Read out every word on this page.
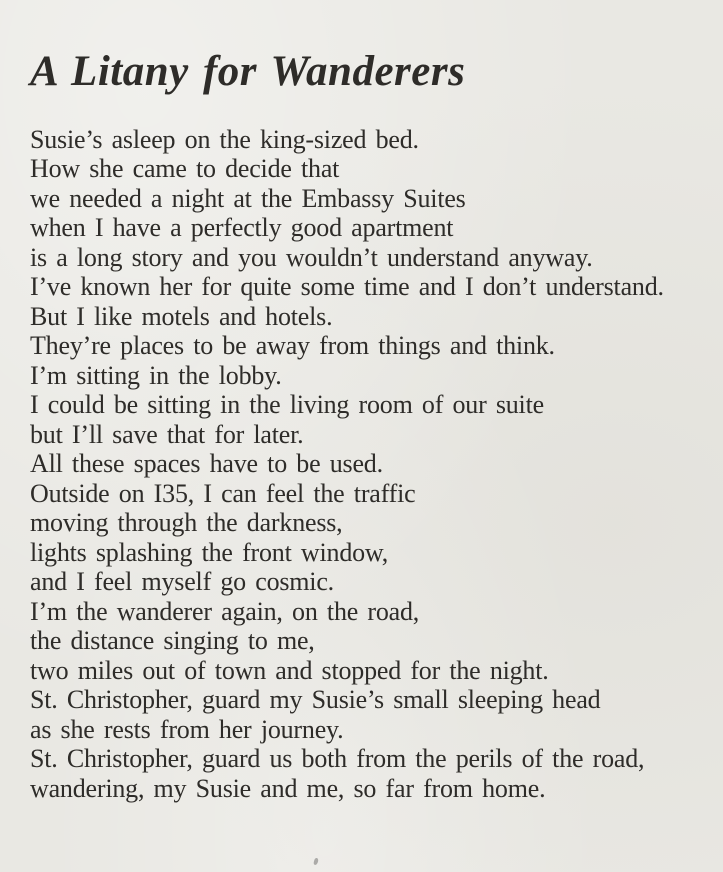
A Litany for Wanderers
Susie’s asleep on the king-sized bed.
How she came to decide that
we needed a night at the Embassy Suites
when I have a perfectly good apartment
is a long story and you wouldn’t understand anyway.
I’ve known her for quite some time and I don’t understand.
But I like motels and hotels.
They’re places to be away from things and think.
I’m sitting in the lobby.
I could be sitting in the living room of our suite
but I’ll save that for later.
All these spaces have to be used.
Outside on I35, I can feel the traffic
moving through the darkness,
lights splashing the front window,
and I feel myself go cosmic.
I’m the wanderer again, on the road,
the distance singing to me,
two miles out of town and stopped for the night.
St. Christopher, guard my Susie’s small sleeping head
as she rests from her journey.
St. Christopher, guard us both from the perils of the road,
wandering, my Susie and me, so far from home.
